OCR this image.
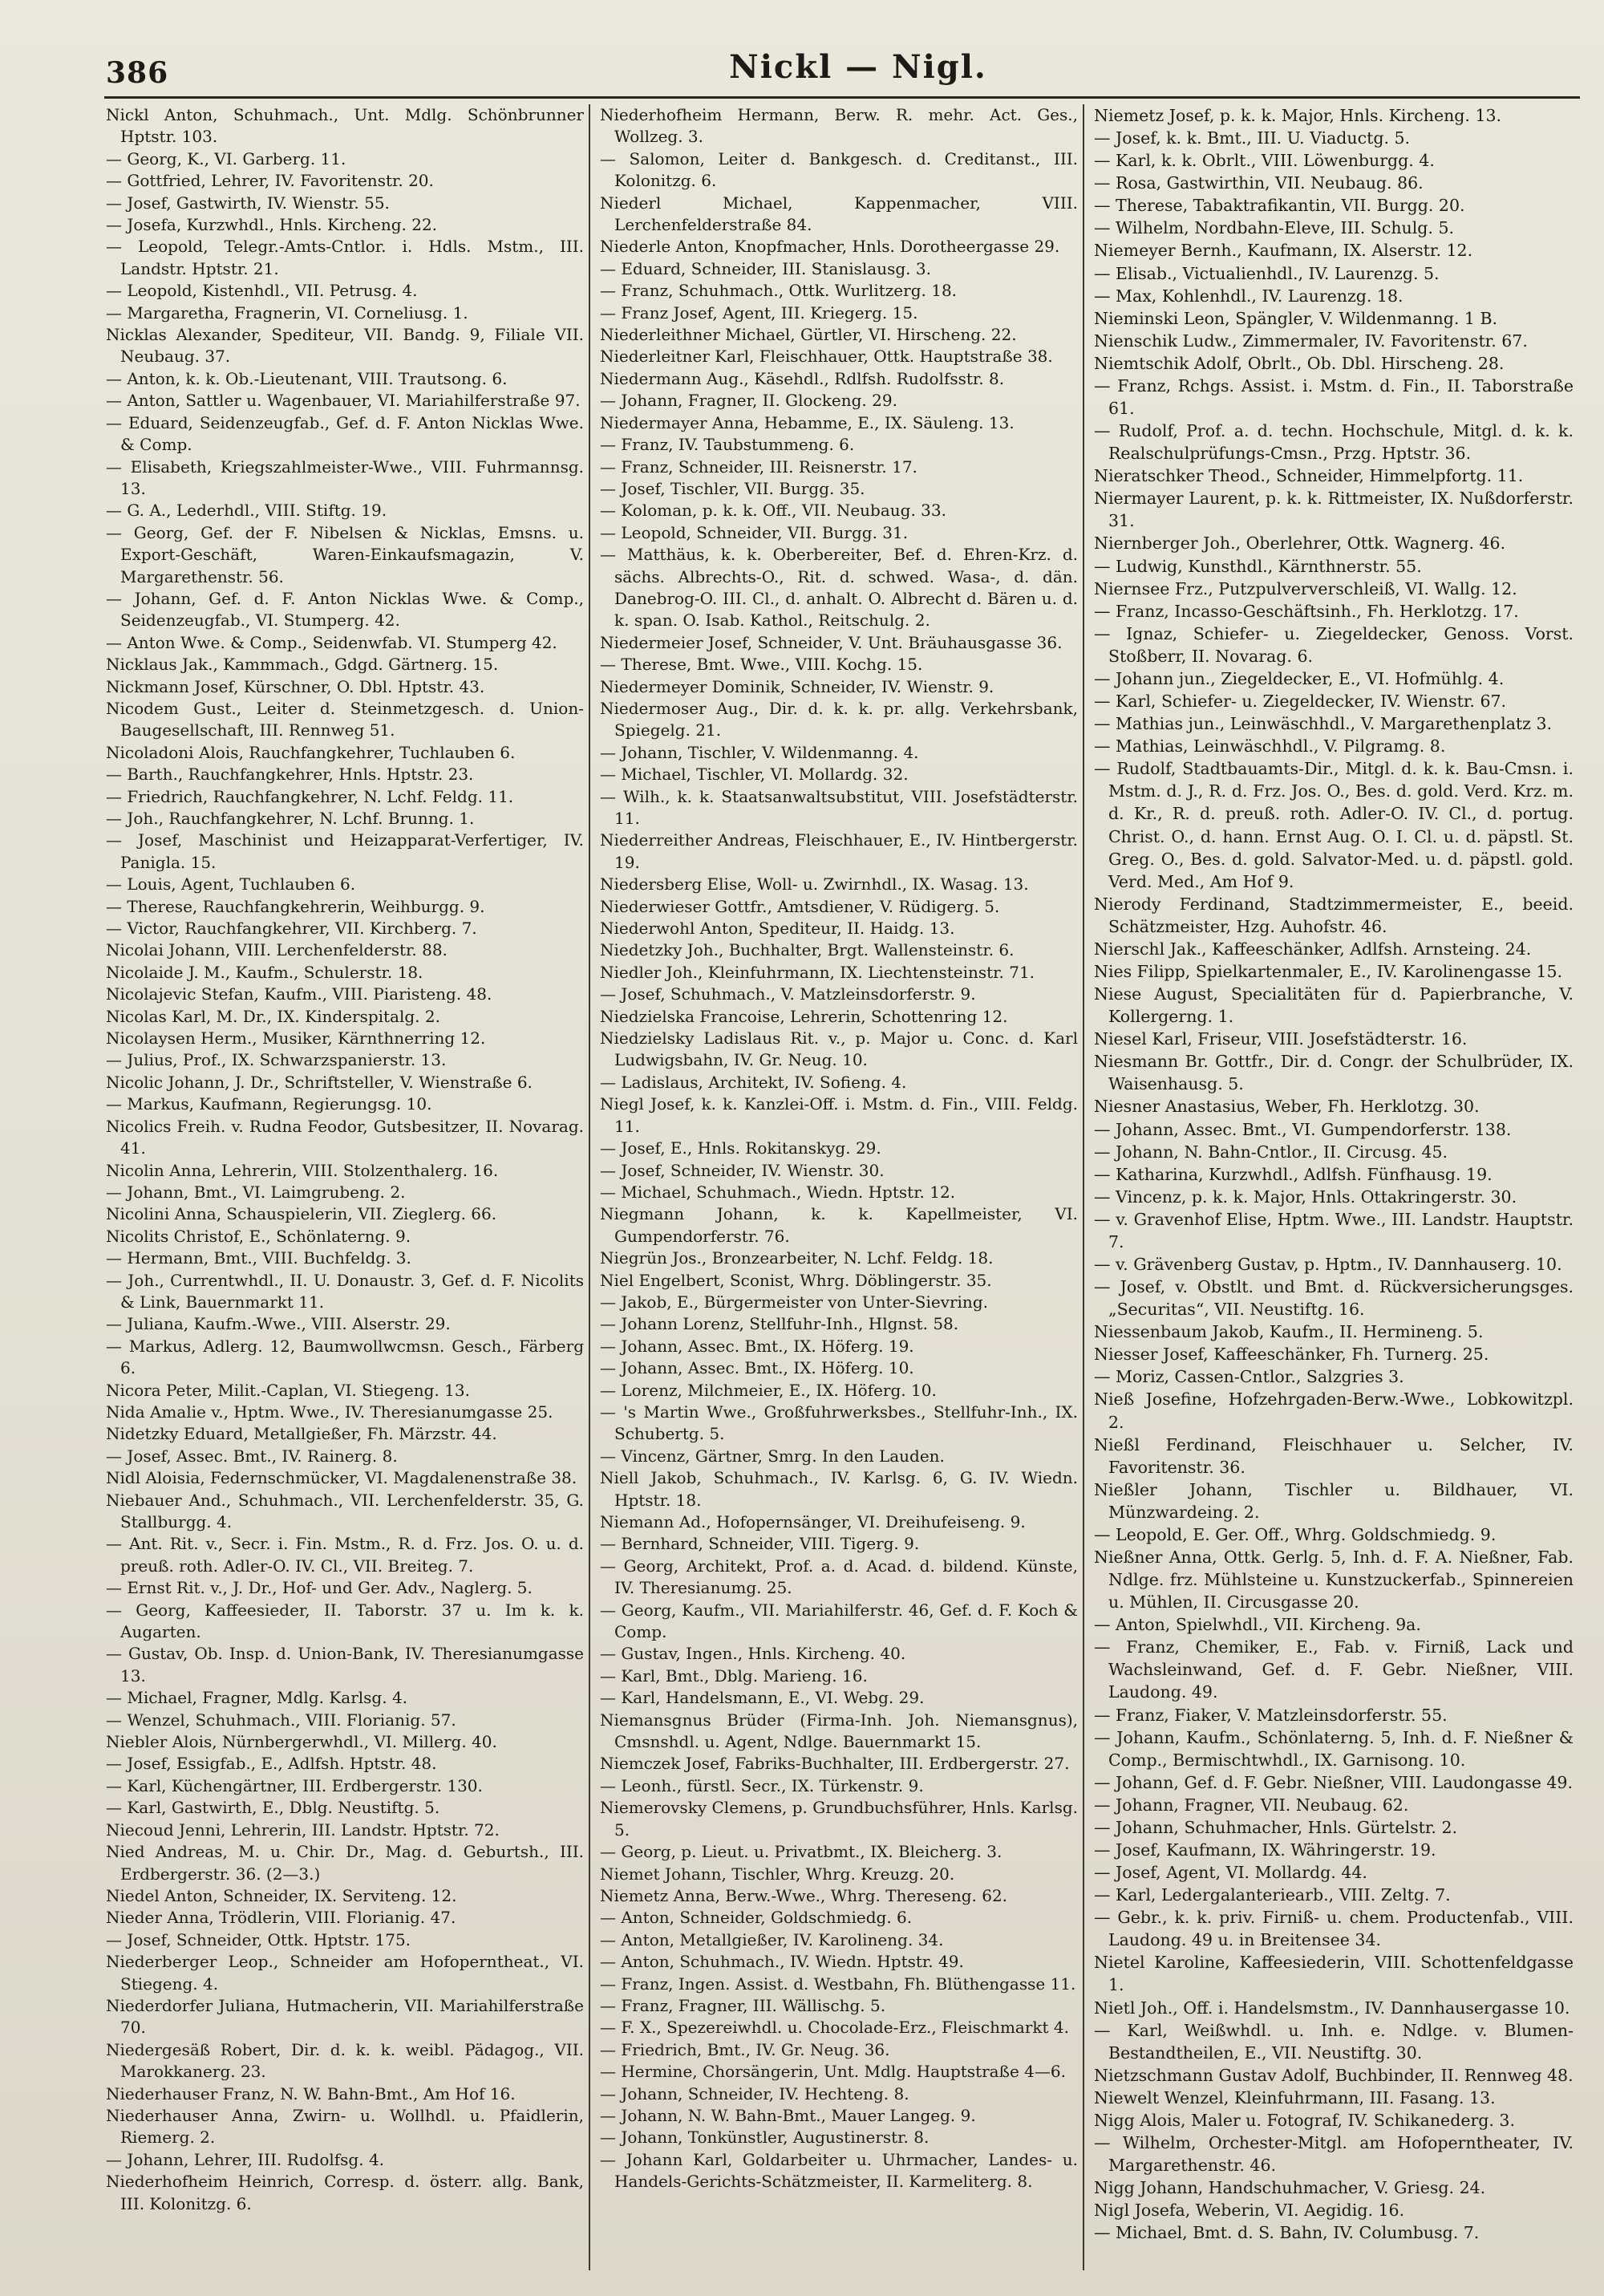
386	Nickl — Nigl.

Nickl Anton, Schuhmach., Unt. Mdlg. Schönbrunner Hptstr. 103.

— Georg, K., VI. Garberg. 11.

— Gottfried, Lehrer, IV. Favoritenstr. 20.

— Josef, Gastwirth, IV. Wienstr. 55.

— Josefa, Kurzwhdl., Hnls. Kircheng. 22.

— Leopold, Telegr.-Amts-Cntlor. i. Hdls. Mstm., III. Landstr. Hptstr. 21.

— Leopold, Kistenhdl., VII. Petrusg. 4.

— Margaretha, Fragnerin, VI. Corneliusg. 1.

Nicklas Alexander, Spediteur, VII. Bandg. 9, Filiale VII. Neubaug. 37.

— Anton, k. k. Ob.-Lieutenant, VIII. Trautsong. 6.

— Anton, Sattler u. Wagenbauer, VI. Mariahilferstraße 97.

— Eduard, Seidenzeugfab., Gef. d. F. Anton Nicklas Wwe. & Comp.

— Elisabeth, Kriegszahlmeister-Wwe., VIII. Fuhrmannsg. 13.

— G. A., Lederhdl., VIII. Stiftg. 19.

— Georg, Gef. der F. Nibelsen & Nicklas, Emsns. u. Export-Geschäft, Waren-Einkaufsmagazin, V. Margarethenstr. 56.

— Johann, Gef. d. F. Anton Nicklas Wwe. & Comp., Seidenzeugfab., VI. Stumperg. 42.

— Anton Wwe. & Comp., Seidenwfab. VI. Stumperg 42.

Nicklaus Jak., Kammmach., Gdgd. Gärtnerg. 15.

Nickmann Josef, Kürschner, O. Dbl. Hptstr. 43.

Nicodem Gust., Leiter d. Steinmetzgesch. d. Union-Baugesellschaft, III. Rennweg 51.

Nicoladoni Alois, Rauchfangkehrer, Tuchlauben 6.

— Barth., Rauchfangkehrer, Hnls. Hptstr. 23.

— Friedrich, Rauchfangkehrer, N. Lchf. Feldg. 11.

— Joh., Rauchfangkehrer, N. Lchf. Brunng. 1.

— Josef, Maschinist und Heizapparat-Verfertiger, IV. Panigla. 15.

— Louis, Agent, Tuchlauben 6.

— Therese, Rauchfangkehrerin, Weihburgg. 9.

— Victor, Rauchfangkehrer, VII. Kirchberg. 7.

Nicolai Johann, VIII. Lerchenfelderstr. 88.

Nicolaide J. M., Kaufm., Schulerstr. 18.

Nicolajevic Stefan, Kaufm., VIII. Piaristeng. 48.

Nicolas Karl, M. Dr., IX. Kinderspitalg. 2.

Nicolaysen Herm., Musiker, Kärnthnerring 12.

— Julius, Prof., IX. Schwarzspanierstr. 13.

Nicolic Johann, J. Dr., Schriftsteller, V. Wienstraße 6.

— Markus, Kaufmann, Regierungsg. 10.

Nicolics Freih. v. Rudna Feodor, Gutsbesitzer, II. Novarag. 41.

Nicolin Anna, Lehrerin, VIII. Stolzenthalerg. 16.

— Johann, Bmt., VI. Laimgrubeng. 2.

Nicolini Anna, Schauspielerin, VII. Zieglerg. 66.

Nicolits Christof, E., Schönlaterng. 9.

— Hermann, Bmt., VIII. Buchfeldg. 3.

— Joh., Currentwhdl., II. U. Donaustr. 3, Gef. d. F. Nicolits & Link, Bauernmarkt 11.

— Juliana, Kaufm.-Wwe., VIII. Alserstr. 29.

— Markus, Adlerg. 12, Baumwollwcmsn. Gesch., Färberg 6.

Nicora Peter, Milit.-Caplan, VI. Stiegeng. 13.

Nida Amalie v., Hptm. Wwe., IV. Theresianumgasse 25.

Nidetzky Eduard, Metallgießer, Fh. Märzstr. 44.

— Josef, Assec. Bmt., IV. Rainerg. 8.

Nidl Aloisia, Federnschmücker, VI. Magdalenenstraße 38.

Niebauer And., Schuhmach., VII. Lerchenfelderstr. 35, G. Stallburgg. 4.

— Ant. Rit. v., Secr. i. Fin. Mstm., R. d. Frz. Jos. O. u. d. preuß. roth. Adler-O. IV. Cl., VII. Breiteg. 7.

— Ernst Rit. v., J. Dr., Hof- und Ger. Adv., Naglerg. 5.

— Georg, Kaffeesieder, II. Taborstr. 37 u. Im k. k. Augarten.

— Gustav, Ob. Insp. d. Union-Bank, IV. Theresianumgasse 13.

— Michael, Fragner, Mdlg. Karlsg. 4.

— Wenzel, Schuhmach., VIII. Florianig. 57.

Niebler Alois, Nürnbergerwhdl., VI. Millerg. 40.

— Josef, Essigfab., E., Adlfsh. Hptstr. 48.

— Karl, Küchengärtner, III. Erdbergerstr. 130.

— Karl, Gastwirth, E., Dblg. Neustiftg. 5.

Niecoud Jenni, Lehrerin, III. Landstr. Hptstr. 72.

Nied Andreas, M. u. Chir. Dr., Mag. d. Geburtsh., III. Erdbergerstr. 36. (2—3.)

Niedel Anton, Schneider, IX. Serviteng. 12.

Nieder Anna, Trödlerin, VIII. Florianig. 47.

— Josef, Schneider, Ottk. Hptstr. 175.

Niederberger Leop., Schneider am Hofoperntheat., VI. Stiegeng. 4.

Niederdorfer Juliana, Hutmacherin, VII. Mariahilferstraße 70.

Niedergesäß Robert, Dir. d. k. k. weibl. Pädagog., VII. Marokkanerg. 23.

Niederhauser Franz, N. W. Bahn-Bmt., Am Hof 16.

Niederhauser Anna, Zwirn- u. Wollhdl. u. Pfaidlerin, Riemerg. 2.

— Johann, Lehrer, III. Rudolfsg. 4.

Niederhofheim Heinrich, Corresp. d. österr. allg. Bank, III. Kolonitzg. 6.

Niederhofheim Hermann, Berw. R. mehr. Act. Ges., Wollzeg. 3.

— Salomon, Leiter d. Bankgesch. d. Creditanst., III. Kolonitzg. 6.

Niederl Michael, Kappenmacher, VIII. Lerchenfelderstraße 84.

Niederle Anton, Knopfmacher, Hnls. Dorotheergasse 29.

— Eduard, Schneider, III. Stanislausg. 3.

— Franz, Schuhmach., Ottk. Wurlitzerg. 18.

— Franz Josef, Agent, III. Kriegerg. 15.

Niederleithner Michael, Gürtler, VI. Hirscheng. 22.

Niederleitner Karl, Fleischhauer, Ottk. Hauptstraße 38.

Niedermann Aug., Käsehdl., Rdlfsh. Rudolfsstr. 8.

— Johann, Fragner, II. Glockeng. 29.

Niedermayer Anna, Hebamme, E., IX. Säuleng. 13.

— Franz, IV. Taubstummeng. 6.

— Franz, Schneider, III. Reisnerstr. 17.

— Josef, Tischler, VII. Burgg. 35.

— Koloman, p. k. k. Off., VII. Neubaug. 33.

— Leopold, Schneider, VII. Burgg. 31.

— Matthäus, k. k. Oberbereiter, Bef. d. Ehren-Krz. d. sächs. Albrechts-O., Rit. d. schwed. Wasa-, d. dän. Danebrog-O. III. Cl., d. anhalt. O. Albrecht d. Bären u. d. k. span. O. Isab. Kathol., Reitschulg. 2.

Niedermeier Josef, Schneider, V. Unt. Bräuhausgasse 36.

— Therese, Bmt. Wwe., VIII. Kochg. 15.

Niedermeyer Dominik, Schneider, IV. Wienstr. 9.

Niedermoser Aug., Dir. d. k. k. pr. allg. Verkehrsbank, Spiegelg. 21.

— Johann, Tischler, V. Wildenmanng. 4.

— Michael, Tischler, VI. Mollardg. 32.

— Wilh., k. k. Staatsanwaltsubstitut, VIII. Josefstädterstr. 11.

Niederreither Andreas, Fleischhauer, E., IV. Hintbergerstr. 19.

Niedersberg Elise, Woll- u. Zwirnhdl., IX. Wasag. 13.

Niederwieser Gottfr., Amtsdiener, V. Rüdigerg. 5.

Niederwohl Anton, Spediteur, II. Haidg. 13.

Niedetzky Joh., Buchhalter, Brgt. Wallensteinstr. 6.

Niedler Joh., Kleinfuhrmann, IX. Liechtensteinstr. 71.

— Josef, Schuhmach., V. Matzleinsdorferstr. 9.

Niedzielska Francoise, Lehrerin, Schottenring 12.

Niedzielsky Ladislaus Rit. v., p. Major u. Conc. d. Karl Ludwigsbahn, IV. Gr. Neug. 10.

— Ladislaus, Architekt, IV. Sofieng. 4.

Niegl Josef, k. k. Kanzlei-Off. i. Mstm. d. Fin., VIII. Feldg. 11.

— Josef, E., Hnls. Rokitanskyg. 29.

— Josef, Schneider, IV. Wienstr. 30.

— Michael, Schuhmach., Wiedn. Hptstr. 12.

Niegmann Johann, k. k. Kapellmeister, VI. Gumpendorferstr. 76.

Niegrün Jos., Bronzearbeiter, N. Lchf. Feldg. 18.

Niel Engelbert, Sconist, Whrg. Döblingerstr. 35.

— Jakob, E., Bürgermeister von Unter-Sievring.

— Johann Lorenz, Stellfuhr-Inh., Hlgnst. 58.

— Johann, Assec. Bmt., IX. Höferg. 19.

— Johann, Assec. Bmt., IX. Höferg. 10.

— Lorenz, Milchmeier, E., IX. Höferg. 10.

— 's Martin Wwe., Großfuhrwerksbes., Stellfuhr-Inh., IX. Schubertg. 5.

— Vincenz, Gärtner, Smrg. In den Lauden.

Niell Jakob, Schuhmach., IV. Karlsg. 6, G. IV. Wiedn. Hptstr. 18.

Niemann Ad., Hofopernsänger, VI. Dreihufeiseng. 9.

— Bernhard, Schneider, VIII. Tigerg. 9.

— Georg, Architekt, Prof. a. d. Acad. d. bildend. Künste, IV. Theresianumg. 25.

— Georg, Kaufm., VII. Mariahilferstr. 46, Gef. d. F. Koch & Comp.

— Gustav, Ingen., Hnls. Kircheng. 40.

— Karl, Bmt., Dblg. Marieng. 16.

— Karl, Handelsmann, E., VI. Webg. 29.

Niemansgnus Brüder (Firma-Inh. Joh. Niemansgnus), Cmsnshdl. u. Agent, Ndlge. Bauernmarkt 15.

Niemczek Josef, Fabriks-Buchhalter, III. Erdbergerstr. 27.

— Leonh., fürstl. Secr., IX. Türkenstr. 9.

Niemerovsky Clemens, p. Grundbuchsführer, Hnls. Karlsg. 5.

— Georg, p. Lieut. u. Privatbmt., IX. Bleicherg. 3.

Niemet Johann, Tischler, Whrg. Kreuzg. 20.

Niemetz Anna, Berw.-Wwe., Whrg. Thereseng. 62.

— Anton, Schneider, Goldschmiedg. 6.

— Anton, Metallgießer, IV. Karolineng. 34.

— Anton, Schuhmach., IV. Wiedn. Hptstr. 49.

— Franz, Ingen. Assist. d. Westbahn, Fh. Blüthengasse 11.

— Franz, Fragner, III. Wällischg. 5.

— F. X., Spezereiwhdl. u. Chocolade-Erz., Fleischmarkt 4.

— Friedrich, Bmt., IV. Gr. Neug. 36.

— Hermine, Chorsängerin, Unt. Mdlg. Hauptstraße 4—6.

— Johann, Schneider, IV. Hechteng. 8.

— Johann, N. W. Bahn-Bmt., Mauer Langeg. 9.

— Johann, Tonkünstler, Augustinerstr. 8.

— Johann Karl, Goldarbeiter u. Uhrmacher, Landes- u. Handels-Gerichts-Schätzmeister, II. Karmeliterg. 8.

Niemetz Josef, p. k. k. Major, Hnls. Kircheng. 13.

— Josef, k. k. Bmt., III. U. Viaductg. 5.

— Karl, k. k. Obrlt., VIII. Löwenburgg. 4.

— Rosa, Gastwirthin, VII. Neubaug. 86.

— Therese, Tabaktrafikantin, VII. Burgg. 20.

— Wilhelm, Nordbahn-Eleve, III. Schulg. 5.

Niemeyer Bernh., Kaufmann, IX. Alserstr. 12.

— Elisab., Victualienhdl., IV. Laurenzg. 5.

— Max, Kohlenhdl., IV. Laurenzg. 18.

Nieminski Leon, Spängler, V. Wildenmanng. 1 B.

Nienschik Ludw., Zimmermaler, IV. Favoritenstr. 67.

Niemtschik Adolf, Obrlt., Ob. Dbl. Hirscheng. 28.

— Franz, Rchgs. Assist. i. Mstm. d. Fin., II. Taborstraße 61.

— Rudolf, Prof. a. d. techn. Hochschule, Mitgl. d. k. k. Realschulprüfungs-Cmsn., Przg. Hptstr. 36.

Nieratschker Theod., Schneider, Himmelpfortg. 11.

Niermayer Laurent, p. k. k. Rittmeister, IX. Nußdorferstr. 31.

Niernberger Joh., Oberlehrer, Ottk. Wagnerg. 46.

— Ludwig, Kunsthdl., Kärnthnerstr. 55.

Niernsee Frz., Putzpulververschleiß, VI. Wallg. 12.

— Franz, Incasso-Geschäftsinh., Fh. Herklotzg. 17.

— Ignaz, Schiefer- u. Ziegeldecker, Genoss. Vorst. Stoßberr, II. Novarag. 6.

— Johann jun., Ziegeldecker, E., VI. Hofmühlg. 4.

— Karl, Schiefer- u. Ziegeldecker, IV. Wienstr. 67.

— Mathias jun., Leinwäschhdl., V. Margarethenplatz 3.

— Mathias, Leinwäschhdl., V. Pilgramg. 8.

— Rudolf, Stadtbauamts-Dir., Mitgl. d. k. k. Bau-Cmsn. i. Mstm. d. J., R. d. Frz. Jos. O., Bes. d. gold. Verd. Krz. m. d. Kr., R. d. preuß. roth. Adler-O. IV. Cl., d. portug. Christ. O., d. hann. Ernst Aug. O. I. Cl. u. d. päpstl. St. Greg. O., Bes. d. gold. Salvator-Med. u. d. päpstl. gold. Verd. Med., Am Hof 9.

Nierody Ferdinand, Stadtzimmermeister, E., beeid. Schätzmeister, Hzg. Auhofstr. 46.

Nierschl Jak., Kaffeeschänker, Adlfsh. Arnsteing. 24.

Nies Filipp, Spielkartenmaler, E., IV. Karolinengasse 15.

Niese August, Specialitäten für d. Papierbranche, V. Kollergerng. 1.

Niesel Karl, Friseur, VIII. Josefstädterstr. 16.

Niesmann Br. Gottfr., Dir. d. Congr. der Schulbrüder, IX. Waisenhausg. 5.

Niesner Anastasius, Weber, Fh. Herklotzg. 30.

— Johann, Assec. Bmt., VI. Gumpendorferstr. 138.

— Johann, N. Bahn-Cntlor., II. Circusg. 45.

— Katharina, Kurzwhdl., Adlfsh. Fünfhausg. 19.

— Vincenz, p. k. k. Major, Hnls. Ottakringerstr. 30.

— v. Gravenhof Elise, Hptm. Wwe., III. Landstr. Hauptstr. 7.

— v. Grävenberg Gustav, p. Hptm., IV. Dannhauserg. 10.

— Josef, v. Obstlt. und Bmt. d. Rückversicherungsges. „Securitas“, VII. Neustiftg. 16.

Niessenbaum Jakob, Kaufm., II. Hermineng. 5.

Niesser Josef, Kaffeeschänker, Fh. Turnerg. 25.

— Moriz, Cassen-Cntlor., Salzgries 3.

Nieß Josefine, Hofzehrgaden-Berw.-Wwe., Lobkowitzpl. 2.

Nießl Ferdinand, Fleischhauer u. Selcher, IV. Favoritenstr. 36.

Nießler Johann, Tischler u. Bildhauer, VI. Münzwardeing. 2.

— Leopold, E. Ger. Off., Whrg. Goldschmiedg. 9.

Nießner Anna, Ottk. Gerlg. 5, Inh. d. F. A. Nießner, Fab. Ndlge. frz. Mühlsteine u. Kunstzuckerfab., Spinnereien u. Mühlen, II. Circusgasse 20.

— Anton, Spielwhdl., VII. Kircheng. 9a.

— Franz, Chemiker, E., Fab. v. Firniß, Lack und Wachsleinwand, Gef. d. F. Gebr. Nießner, VIII. Laudong. 49.

— Franz, Fiaker, V. Matzleinsdorferstr. 55.

— Johann, Kaufm., Schönlaterng. 5, Inh. d. F. Nießner & Comp., Bermischtwhdl., IX. Garnisong. 10.

— Johann, Gef. d. F. Gebr. Nießner, VIII. Laudongasse 49.

— Johann, Fragner, VII. Neubaug. 62.

— Johann, Schuhmacher, Hnls. Gürtelstr. 2.

— Josef, Kaufmann, IX. Währingerstr. 19.

— Josef, Agent, VI. Mollardg. 44.

— Karl, Ledergalanteriearb., VIII. Zeltg. 7.

— Gebr., k. k. priv. Firniß- u. chem. Productenfab., VIII. Laudong. 49 u. in Breitensee 34.

Nietel Karoline, Kaffeesiederin, VIII. Schottenfeldgasse 1.

Nietl Joh., Off. i. Handelsmstm., IV. Dannhausergasse 10.

— Karl, Weißwhdl. u. Inh. e. Ndlge. v. Blumen-Bestandtheilen, E., VII. Neustiftg. 30.

Nietzschmann Gustav Adolf, Buchbinder, II. Rennweg 48.

Niewelt Wenzel, Kleinfuhrmann, III. Fasang. 13.

Nigg Alois, Maler u. Fotograf, IV. Schikanederg. 3.

— Wilhelm, Orchester-Mitgl. am Hofoperntheater, IV. Margarethenstr. 46.

Nigg Johann, Handschuhmacher, V. Griesg. 24.

Nigl Josefa, Weberin, VI. Aegidig. 16.

— Michael, Bmt. d. S. Bahn, IV. Columbusg. 7.
